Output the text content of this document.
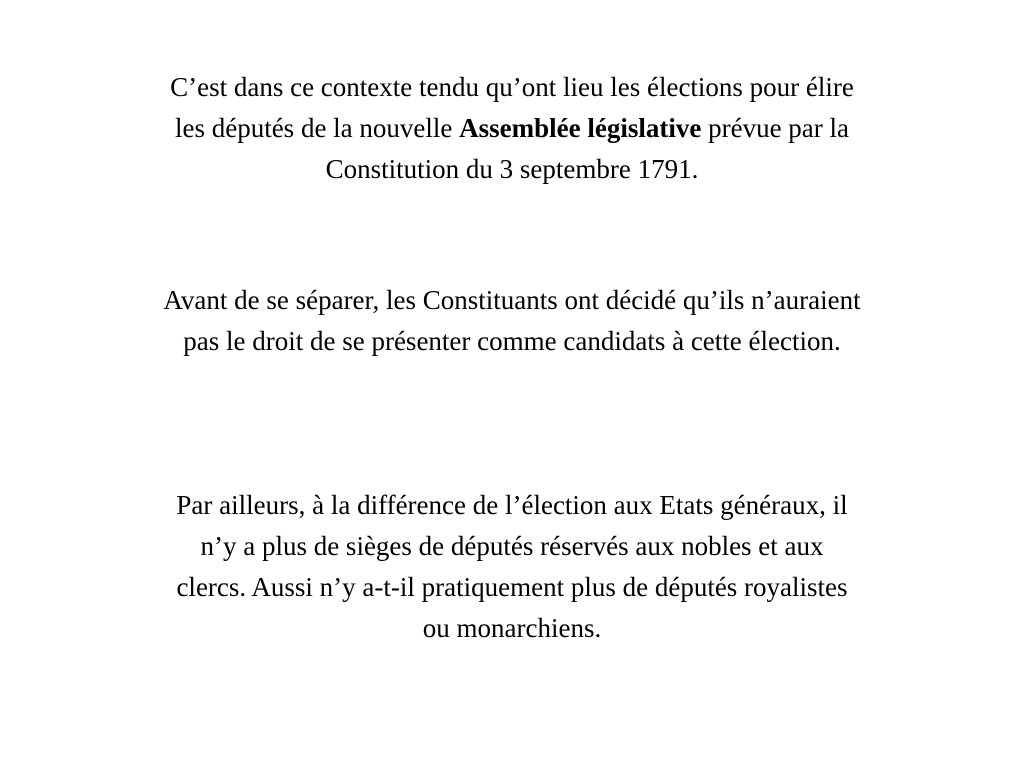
C’est dans ce contexte tendu qu’ont lieu les élections pour élire
les députés de la nouvelle Assemblée législative prévue par la
Constitution du 3 septembre 1791.

Avant de se séparer, les Constituants ont décidé qu’ils n’auraient
pas le droit de se présenter comme candidats à cette élection.

Par ailleurs, à la différence de l’élection aux Etats généraux, il
n’y a plus de sièges de députés réservés aux nobles et aux
clercs. Aussi n’y a-t-il pratiquement plus de députés royalistes
ou monarchiens.
